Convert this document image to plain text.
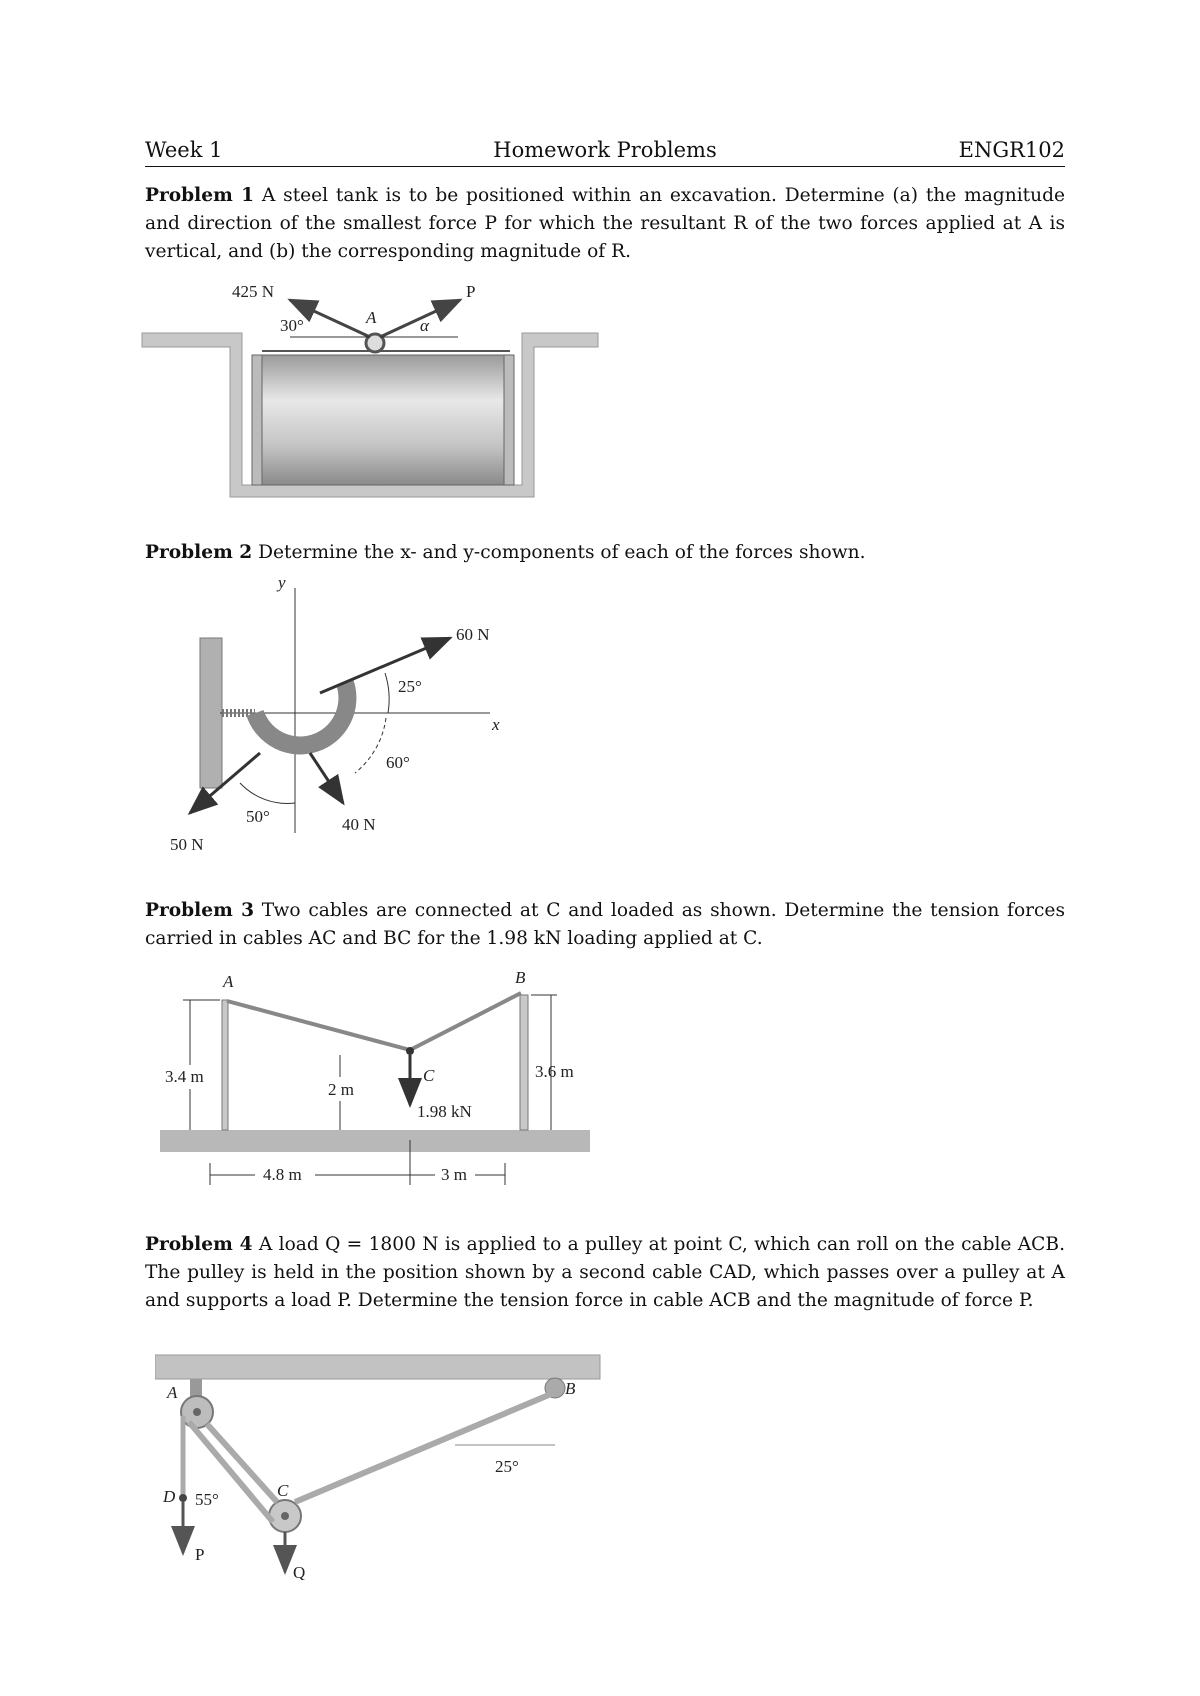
Week 1	Homework Problems	ENGR102
Problem 1 A steel tank is to be positioned within an excavation. Determine (a) the magnitude and direction of the smallest force P for which the resultant R of the two forces applied at A is vertical, and (b) the corresponding magnitude of R.
425 N
30°	A
P
α
Problem 2 Determine the x- and y-components of each of the forces shown.
y
x
60 N
25°
60°
40 N
50°
50 N
Problem 3 Two cables are connected at C and loaded as shown. Determine the tension forces carried in cables AC and BC for the 1.98 kN loading applied at C.
A	B
C
3.4 m	3.6 m
2 m
1.98 kN
4.8 m	3 m
Problem 4 A load Q = 1800 N is applied to a pulley at point C, which can roll on the cable ACB. The pulley is held in the position shown by a second cable CAD, which passes over a pulley at A and supports a load P. Determine the tension force in cable ACB and the magnitude of force P.
A	B
C
D 55°
25°
P
Q
